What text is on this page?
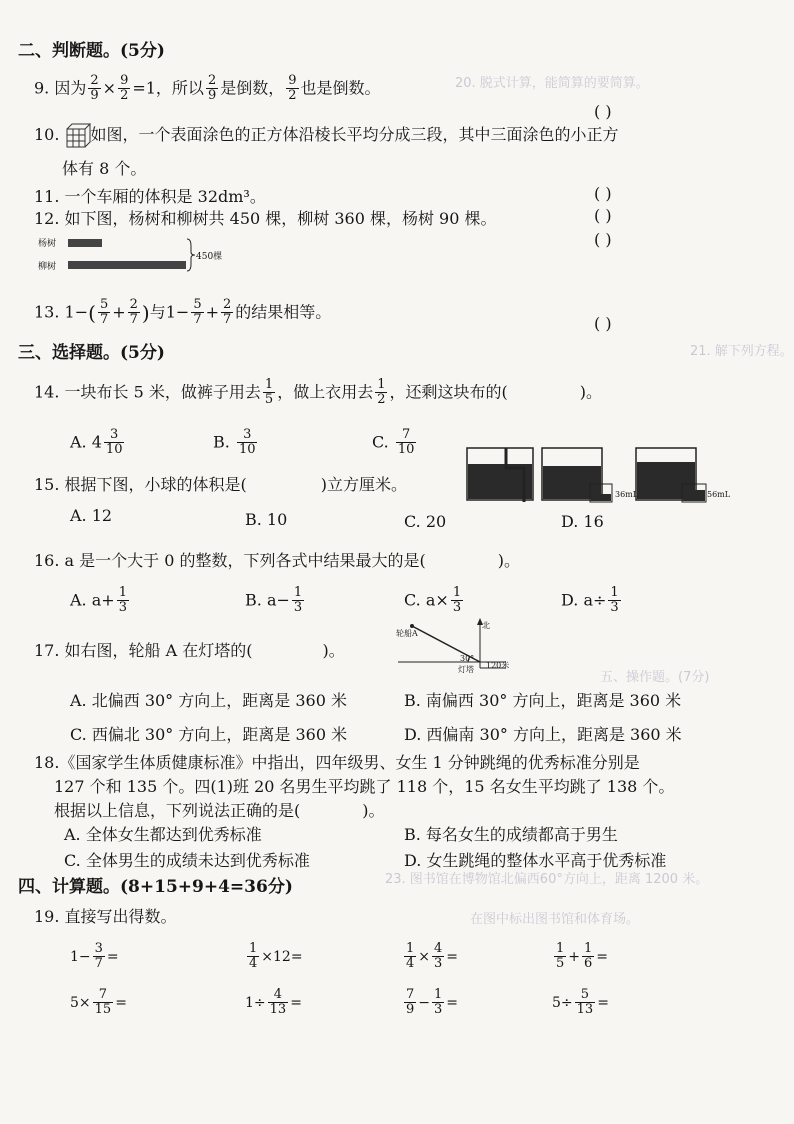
20. 脱式计算，能简算的要简算。
21. 解下列方程。
五、操作题。(7分)
23. 图书馆在博物馆北偏西60°方向上，距离 1200 米。
在图中标出图书馆和体育场。
二、判断题。(5分)
9. 因为 $\frac{2}{9} \times \frac{9}{2} =1$，所以 $\frac{2}{9}$ 是倒数， $\frac{9}{2}$ 也是倒数。
( )
10. 如图，一个表面涂色的正方体沿棱长平均分成三段，其中三面涂色的小正方
体有 8 个。
11. 一个车厢的体积是 32dm³。	( )
12. 如下图，杨树和柳树共 450 棵，柳树 360 棵，杨树 90 棵。	( )
( )
杨树
柳树
450棵
13. $1-( \frac{5}{7} + \frac{2}{7}$ )与$1- \frac{5}{7} + \frac{2}{7}$ 的结果相等。
( )
三、选择题。(5分)
14. 一块布长 5 米，做裤子用去 $\frac{1}{5}$ ，做上衣用去 $\frac{1}{2}$ ，还剩这块布的(	)。
A. $4 \frac{3}{10}$	B. $\frac{3}{10}$	C. $\frac{7}{10}$
15. 根据下图，小球的体积是(	)立方厘米。
36mL	56mL
A. 12	B. 10	C. 20	D. 16
16. a 是一个大于 0 的整数，下列各式中结果最大的是(	)。
A. $a+ \frac{1}{3}$	B. $a- \frac{1}{3}$	C. $a\times \frac{1}{3}$	D. $a\div \frac{1}{3}$
17. 如右图，轮船 A 在灯塔的(	)。
轮船A
北
30°
灯塔 120米
A. 北偏西 30° 方向上，距离是 360 米	B. 南偏西 30° 方向上，距离是 360 米
C. 西偏北 30° 方向上，距离是 360 米	D. 西偏南 30° 方向上，距离是 360 米
18.《国家学生体质健康标准》中指出，四年级男、女生 1 分钟跳绳的优秀标准分别是
127 个和 135 个。四(1)班 20 名男生平均跳了 118 个，15 名女生平均跳了 138 个。
根据以上信息，下列说法正确的是(	)。
A. 全体女生都达到优秀标准	B. 每名女生的成绩都高于男生
C. 全体男生的成绩未达到优秀标准	D. 女生跳绳的整体水平高于优秀标准
四、计算题。(8+15+9+4=36分)
19. 直接写出得数。
$1- \frac{3}{7}$ =	$\frac{1}{4} \times 12=$	$\frac{1}{4} \times \frac{4}{3}$ =	$\frac{1}{5} + \frac{1}{6}$ =
$5\times \frac{7}{15}$ =	$1\div \frac{4}{13}$ =	$\frac{7}{9} - \frac{1}{3}$ =	$5\div \frac{5}{13}$ =
